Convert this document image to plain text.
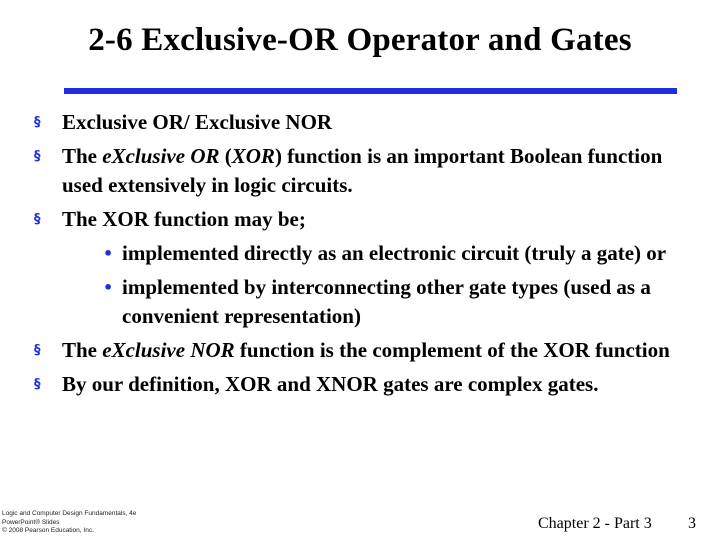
2-6 Exclusive-OR Operator and Gates
§ Exclusive OR/ Exclusive NOR
§ The eXclusive OR (XOR) function is an important Boolean function used extensively in logic circuits.
§ The XOR function may be;
• implemented directly as an electronic circuit (truly a gate) or
• implemented by interconnecting other gate types (used as a convenient representation)
§ The eXclusive NOR function is the complement of the XOR function
§ By our definition, XOR and XNOR gates are complex gates.
Logic and Computer Design Fundamentals, 4e
PowerPoint® Slides
© 2008 Pearson Education, Inc.	Chapter 2 - Part 3 3
